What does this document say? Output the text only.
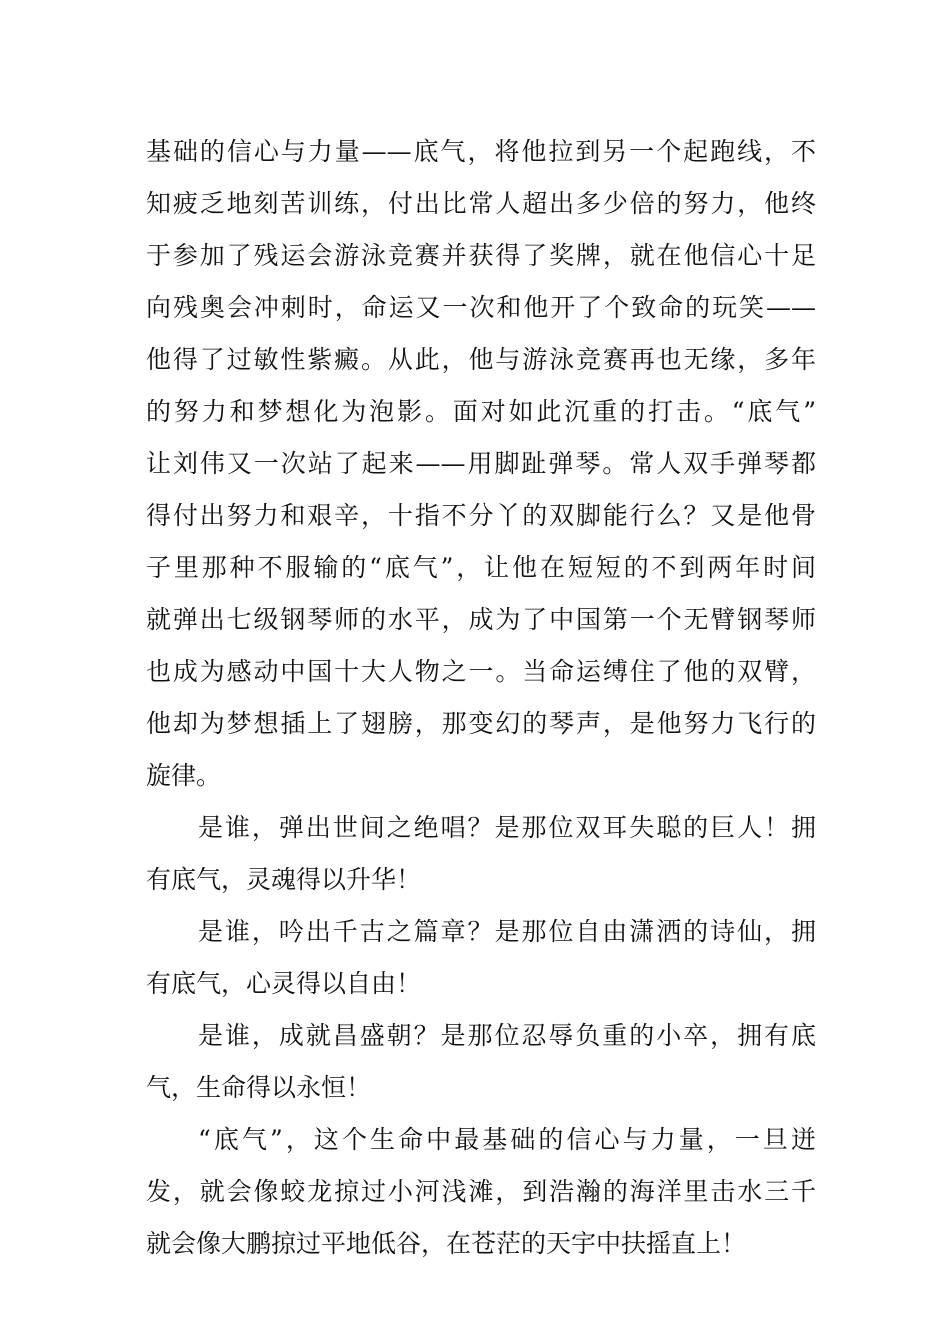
基础的信心与力量——底气，将他拉到另一个起跑线，不
知疲乏地刻苦训练，付出比常人超出多少倍的努力，他终
于参加了残运会游泳竞赛并获得了奖牌，就在他信心十足
向残奥会冲刺时，命运又一次和他开了个致命的玩笑——
他得了过敏性紫癜。从此，他与游泳竞赛再也无缘，多年
的努力和梦想化为泡影。面对如此沉重的打击。“底气”
让刘伟又一次站了起来——用脚趾弹琴。常人双手弹琴都
得付出努力和艰辛，十指不分丫的双脚能行么？又是他骨
子里那种不服输的“底气”，让他在短短的不到两年时间
就弹出七级钢琴师的水平，成为了中国第一个无臂钢琴师
也成为感动中国十大人物之一。当命运缚住了他的双臂，
他却为梦想插上了翅膀，那变幻的琴声，是他努力飞行的
旋律。
是谁，弹出世间之绝唱？是那位双耳失聪的巨人！拥
有底气，灵魂得以升华！
是谁，吟出千古之篇章？是那位自由潇洒的诗仙，拥
有底气，心灵得以自由！
是谁，成就昌盛朝？是那位忍辱负重的小卒，拥有底
气，生命得以永恒！
“底气”，这个生命中最基础的信心与力量，一旦迸
发，就会像蛟龙掠过小河浅滩，到浩瀚的海洋里击水三千
就会像大鹏掠过平地低谷，在苍茫的天宇中扶摇直上！
